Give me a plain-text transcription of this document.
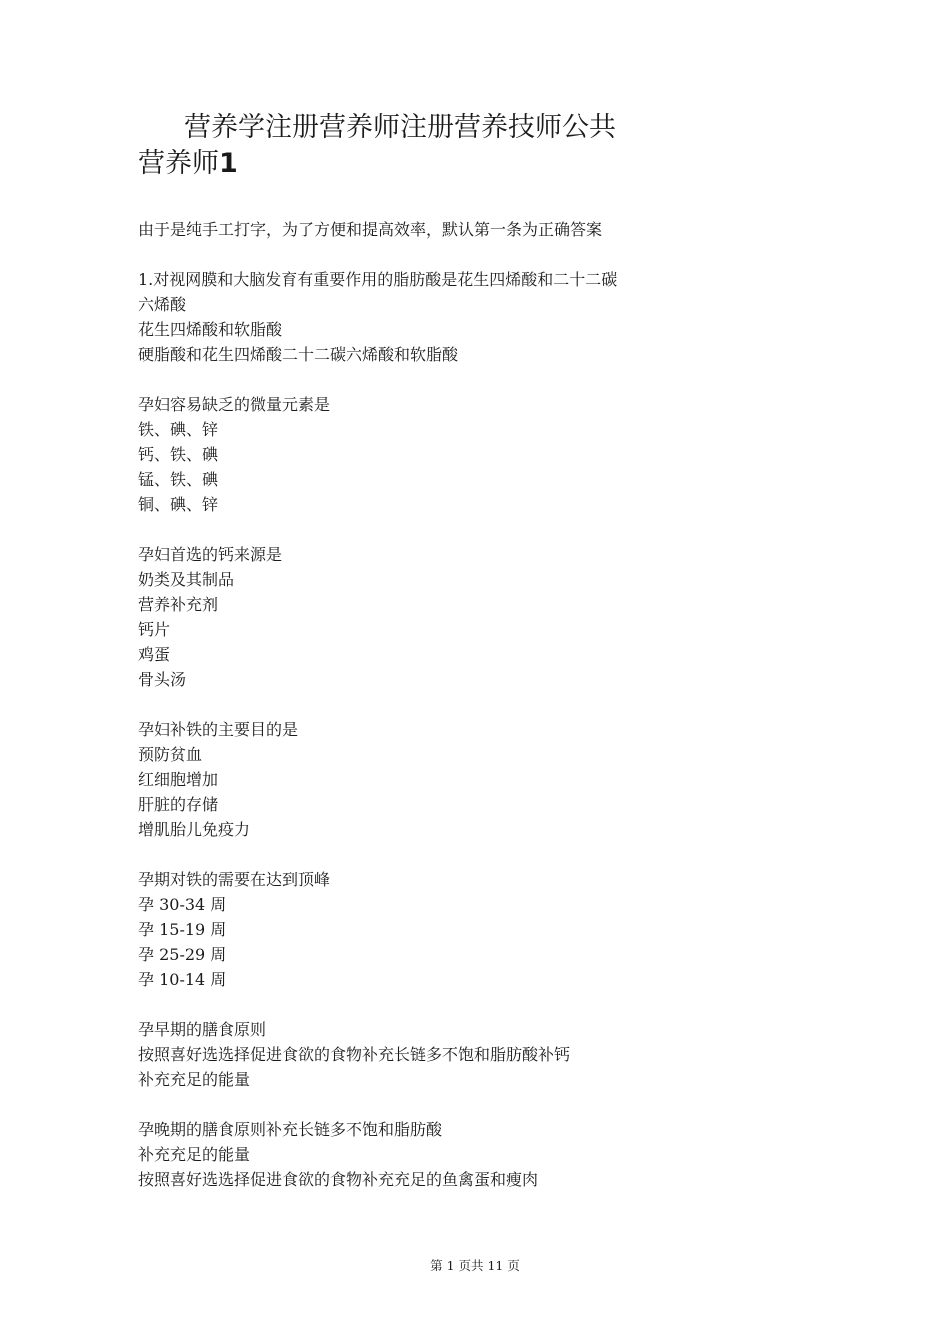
营养学注册营养师注册营养技师公共
营养师1

由于是纯手工打字，为了方便和提高效率，默认第一条为正确答案

1.对视网膜和大脑发育有重要作用的脂肪酸是花生四烯酸和二十二碳
六烯酸
花生四烯酸和软脂酸
硬脂酸和花生四烯酸二十二碳六烯酸和软脂酸
孕妇容易缺乏的微量元素是
铁、碘、锌
钙、铁、碘
锰、铁、碘
铜、碘、锌
孕妇首选的钙来源是
奶类及其制品
营养补充剂
钙片
鸡蛋
骨头汤
孕妇补铁的主要目的是
预防贫血
红细胞增加
肝脏的存储
增肌胎儿免疫力
孕期对铁的需要在达到顶峰
孕 30-34 周
孕 15-19 周
孕 25-29 周
孕 10-14 周
孕早期的膳食原则
按照喜好选选择促进食欲的食物补充长链多不饱和脂肪酸补钙
补充充足的能量
孕晚期的膳食原则补充长链多不饱和脂肪酸
补充充足的能量
按照喜好选选择促进食欲的食物补充充足的鱼禽蛋和瘦肉
第 1 页共 11 页
